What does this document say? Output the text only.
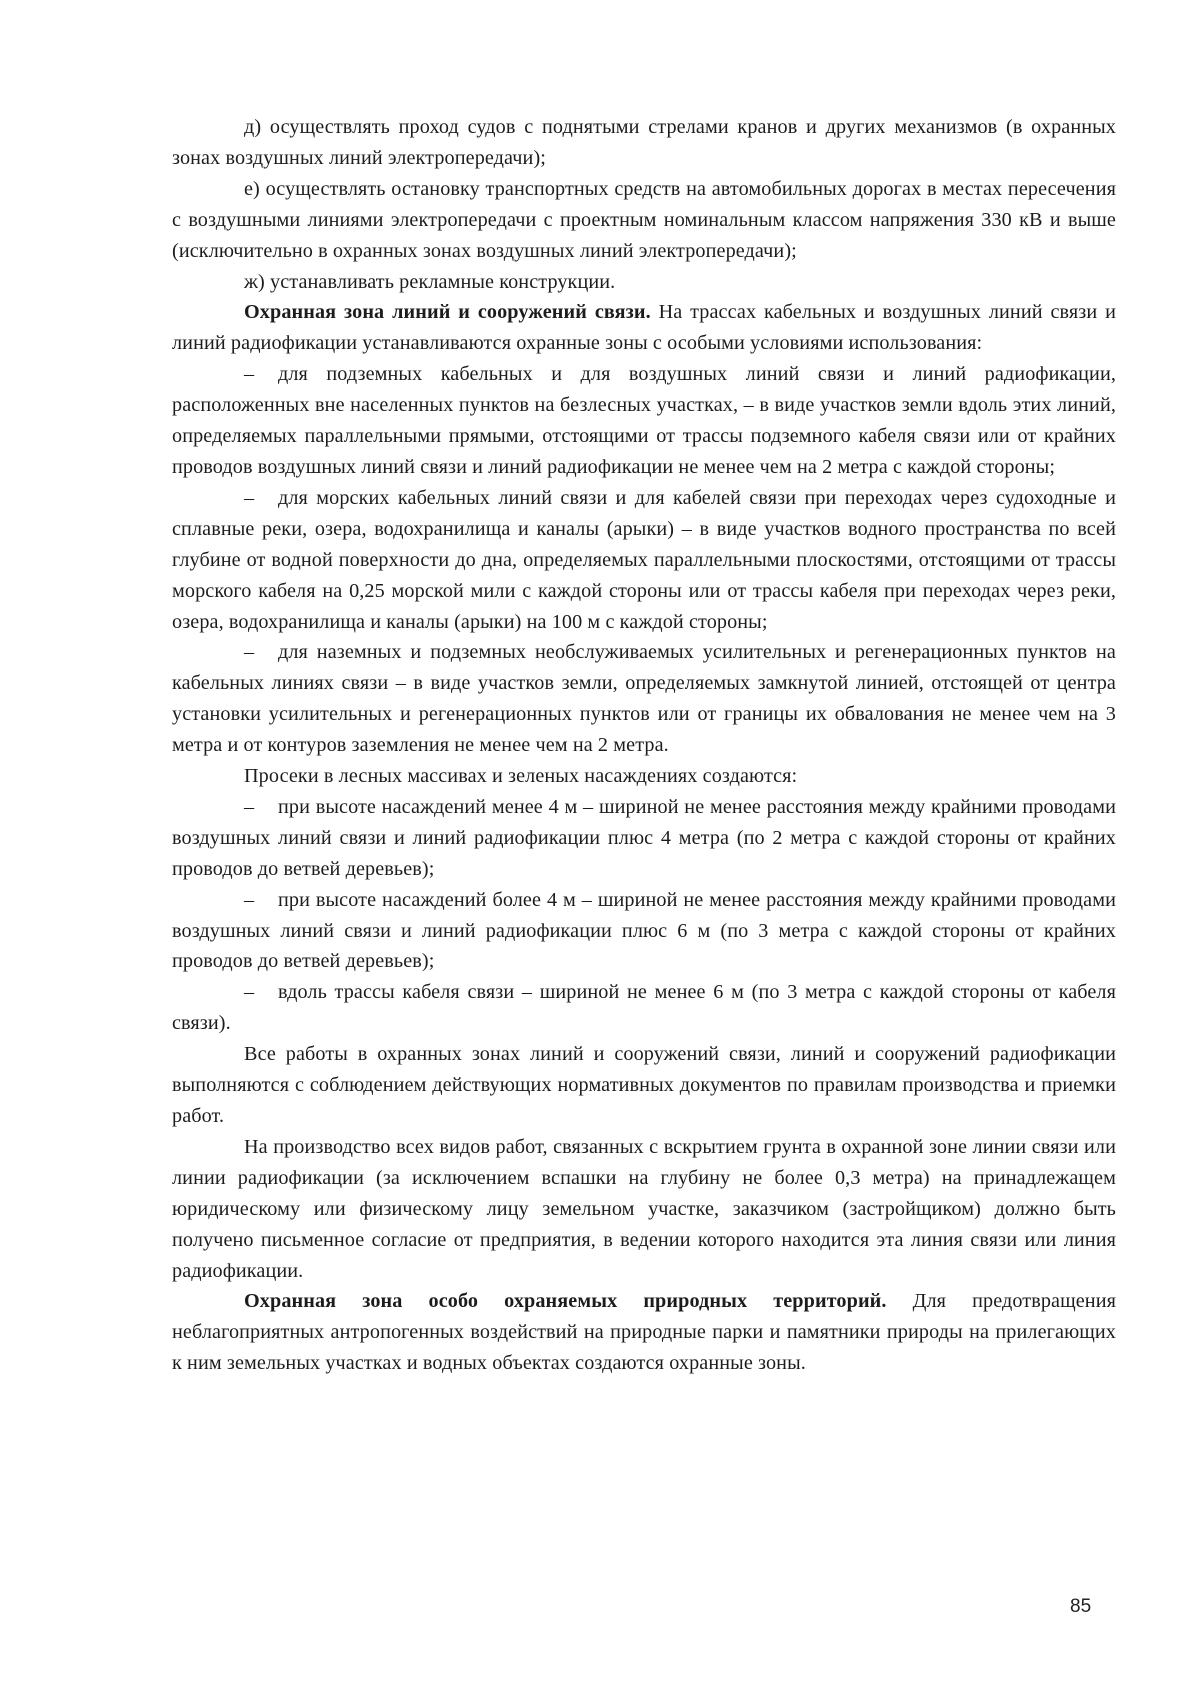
д) осуществлять проход судов с поднятыми стрелами кранов и других механизмов (в охранных зонах воздушных линий электропередачи);

е) осуществлять остановку транспортных средств на автомобильных дорогах в местах пересечения с воздушными линиями электропередачи с проектным номинальным классом напряжения 330 кВ и выше (исключительно в охранных зонах воздушных линий электропередачи);

ж) устанавливать рекламные конструкции.

Охранная зона линий и сооружений связи. На трассах кабельных и воздушных линий связи и линий радиофикации устанавливаются охранные зоны с особыми условиями использования:

– для подземных кабельных и для воздушных линий связи и линий радиофикации, расположенных вне населенных пунктов на безлесных участках, – в виде участков земли вдоль этих линий, определяемых параллельными прямыми, отстоящими от трассы подземного кабеля связи или от крайних проводов воздушных линий связи и линий радиофикации не менее чем на 2 метра с каждой стороны;

– для морских кабельных линий связи и для кабелей связи при переходах через судоходные и сплавные реки, озера, водохранилища и каналы (арыки) – в виде участков водного пространства по всей глубине от водной поверхности до дна, определяемых параллельными плоскостями, отстоящими от трассы морского кабеля на 0,25 морской мили с каждой стороны или от трассы кабеля при переходах через реки, озера, водохранилища и каналы (арыки) на 100 м с каждой стороны;

– для наземных и подземных необслуживаемых усилительных и регенерационных пунктов на кабельных линиях связи – в виде участков земли, определяемых замкнутой линией, отстоящей от центра установки усилительных и регенерационных пунктов или от границы их обвалования не менее чем на 3 метра и от контуров заземления не менее чем на 2 метра.

Просеки в лесных массивах и зеленых насаждениях создаются:

– при высоте насаждений менее 4 м – шириной не менее расстояния между крайними проводами воздушных линий связи и линий радиофикации плюс 4 метра (по 2 метра с каждой стороны от крайних проводов до ветвей деревьев);

– при высоте насаждений более 4 м – шириной не менее расстояния между крайними проводами воздушных линий связи и линий радиофикации плюс 6 м (по 3 метра с каждой стороны от крайних проводов до ветвей деревьев);

– вдоль трассы кабеля связи – шириной не менее 6 м (по 3 метра с каждой стороны от кабеля связи).

Все работы в охранных зонах линий и сооружений связи, линий и сооружений радиофикации выполняются с соблюдением действующих нормативных документов по правилам производства и приемки работ.

На производство всех видов работ, связанных с вскрытием грунта в охранной зоне линии связи или линии радиофикации (за исключением вспашки на глубину не более 0,3 метра) на принадлежащем юридическому или физическому лицу земельном участке, заказчиком (застройщиком) должно быть получено письменное согласие от предприятия, в ведении которого находится эта линия связи или линия радиофикации.

Охранная зона особо охраняемых природных территорий. Для предотвращения неблагоприятных антропогенных воздействий на природные парки и памятники природы на прилегающих к ним земельных участках и водных объектах создаются охранные зоны.

85
